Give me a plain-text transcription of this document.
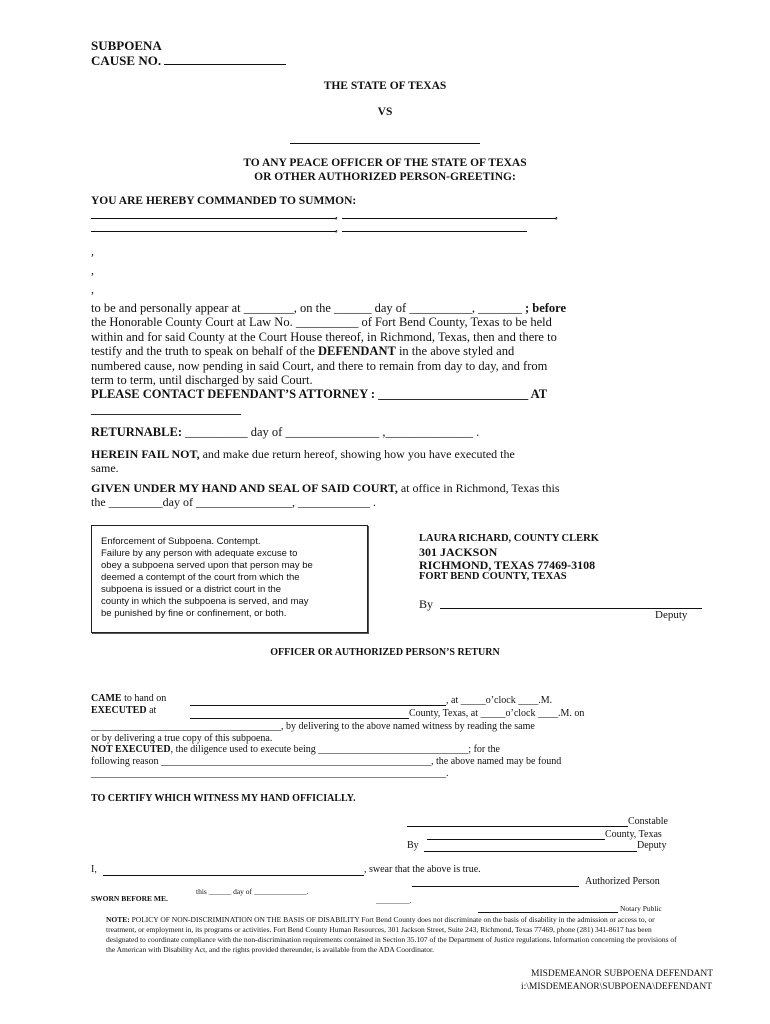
SUBPOENA
CAUSE NO.
THE STATE OF TEXAS
VS
TO ANY PEACE OFFICER OF THE STATE OF TEXAS
OR OTHER AUTHORIZED PERSON-GREETING:
YOU ARE HEREBY COMMANDED TO SUMMON:
,	,
,
,
,
,
to be and personally appear at ________, on the ______ day of __________, _______ ; before
the Honorable County Court at Law No. __________ of Fort Bend County, Texas to be held
within and for said County at the Court House thereof, in Richmond, Texas, then and there to
testify and the truth to speak on behalf of the DEFENDANT in the above styled and
numbered cause, now pending in said Court, and there to remain from day to day, and from
term to term, until discharged by said Court.
PLEASE CONTACT DEFENDANT’S ATTORNEY : ________________________ AT
________________________
RETURNABLE: __________ day of _______________ ,______________ .
HEREIN FAIL NOT, and make due return hereof, showing how you have executed the
same.
GIVEN UNDER MY HAND AND SEAL OF SAID COURT, at office in Richmond, Texas this
the _________day of ________________, ____________ .
Enforcement of Subpoena. Contempt.
Failure by any person with adequate excuse to
obey a subpoena served upon that person may be
deemed a contempt of the court from which the
subpoena is issued or a district court in the
county in which the subpoena is served, and may
be punished by fine or confinement, or both.
LAURA RICHARD, COUNTY CLERK
301 JACKSON
RICHMOND, TEXAS 77469-3108
FORT BEND COUNTY, TEXAS
By
Deputy
OFFICER OR AUTHORIZED PERSON’S RETURN
CAME to hand on	, at _____o’clock ____.M.
EXECUTED at	County, Texas, at _____o’clock ____.M. on
______________________________________, by delivering to the above named witness by reading the same
or by delivering a true copy of this subpoena.
NOT EXECUTED, the diligence used to execute being ______________________________; for the
following reason ______________________________________________________, the above named may be found
_______________________________________________________________________.
TO CERTIFY WHICH WITNESS MY HAND OFFICIALLY.
Constable
County, Texas
By	Deputy
I,	, swear that the above is true.
Authorized Person
this ______ day of ______________.
SWORN BEFORE ME.	_________.
Notary Public
NOTE: POLICY OF NON-DISCRIMINATION ON THE BASIS OF DISABILITY Fort Bend County does not discriminate on the basis of disability in the admission or access to, or treatment, or employment in, its programs or activities. Fort Bend County Human Resources, 301 Jackson Street, Suite 243, Richmond, Texas 77469, phone (281) 341-8617 has been designated to coordinate compliance with the non-discrimination requirements contained in Section 35.107 of the Department of Justice regulations. Information concerning the provisions of the American with Disability Act, and the rights provided thereunder, is available from the ADA Coordinator.
MISDEMEANOR SUBPOENA DEFENDANT
i:\MISDEMEANOR\SUBPOENA\DEFENDANT
